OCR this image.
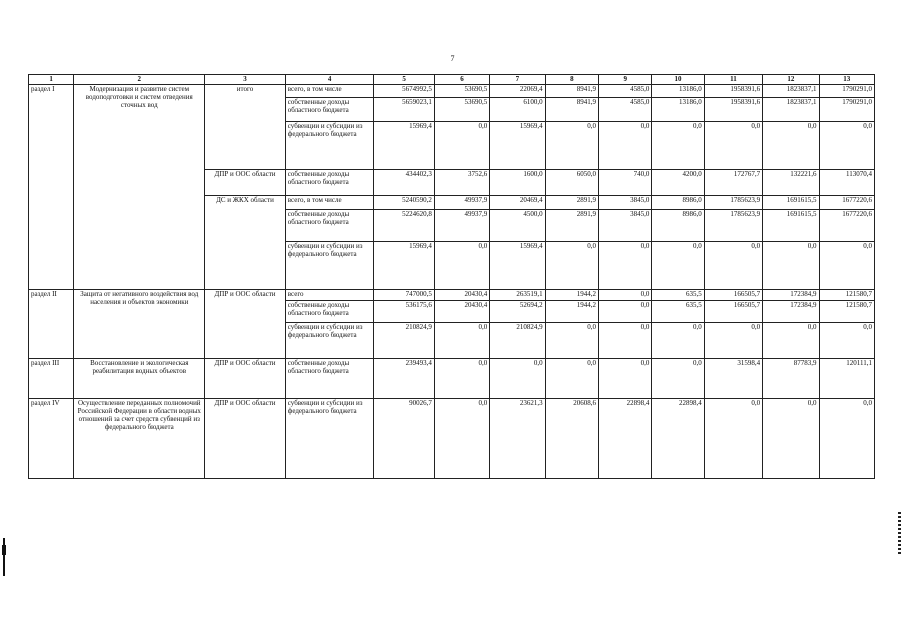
7
1	2	3	4	5	6	7	8	9	10	11	12	13
раздел I	Модернизация и развитие систем водоподготовки и систем отведения сточных вод	итого	всего, в том числе	5674992,5	53690,5	22069,4	8941,9	4585,0	13186,0	1958391,6	1823837,1	1790291,0
			собственные доходы областного бюджета	5659023,1	53690,5	6100,0	8941,9	4585,0	13186,0	1958391,6	1823837,1	1790291,0
			субвенции и субсидии из федерального бюджета	15969,4	0,0	15969,4	0,0	0,0	0,0	0,0	0,0	0,0
		ДПР и ООС области	собственные доходы областного бюджета	434402,3	3752,6	1600,0	6050,0	740,0	4200,0	172767,7	132221,6	113070,4
		ДС и ЖКХ области	всего, в том числе	5240590,2	49937,9	20469,4	2891,9	3845,0	8986,0	1785623,9	1691615,5	1677220,6
			собственные доходы областного бюджета	5224620,8	49937,9	4500,0	2891,9	3845,0	8986,0	1785623,9	1691615,5	1677220,6
			субвенции и субсидии из федерального бюджета	15969,4	0,0	15969,4	0,0	0,0	0,0	0,0	0,0	0,0
раздел II	Защита от негативного воздействия вод населения и объектов экономики	ДПР и ООС области	всего	747000,5	20430,4	263519,1	1944,2	0,0	635,5	166505,7	172384,9	121580,7
			собственные доходы областного бюджета	536175,6	20430,4	52694,2	1944,2	0,0	635,5	166505,7	172384,9	121580,7
			субвенции и субсидии из федерального бюджета	210824,9	0,0	210824,9	0,0	0,0	0,0	0,0	0,0	0,0
раздел III	Восстановление и экологическая реабилитация водных объектов	ДПР и ООС области	собственные доходы областного бюджета	239493,4	0,0	0,0	0,0	0,0	0,0	31598,4	87783,9	120111,1
раздел IV	Осуществление переданных полномочий Российской Федерации в области водных отношений за счет средств субвенций из федерального бюджета	ДПР и ООС области	субвенции и субсидии из федерального бюджета	90026,7	0,0	23621,3	20608,6	22898,4	22898,4	0,0	0,0	0,0
